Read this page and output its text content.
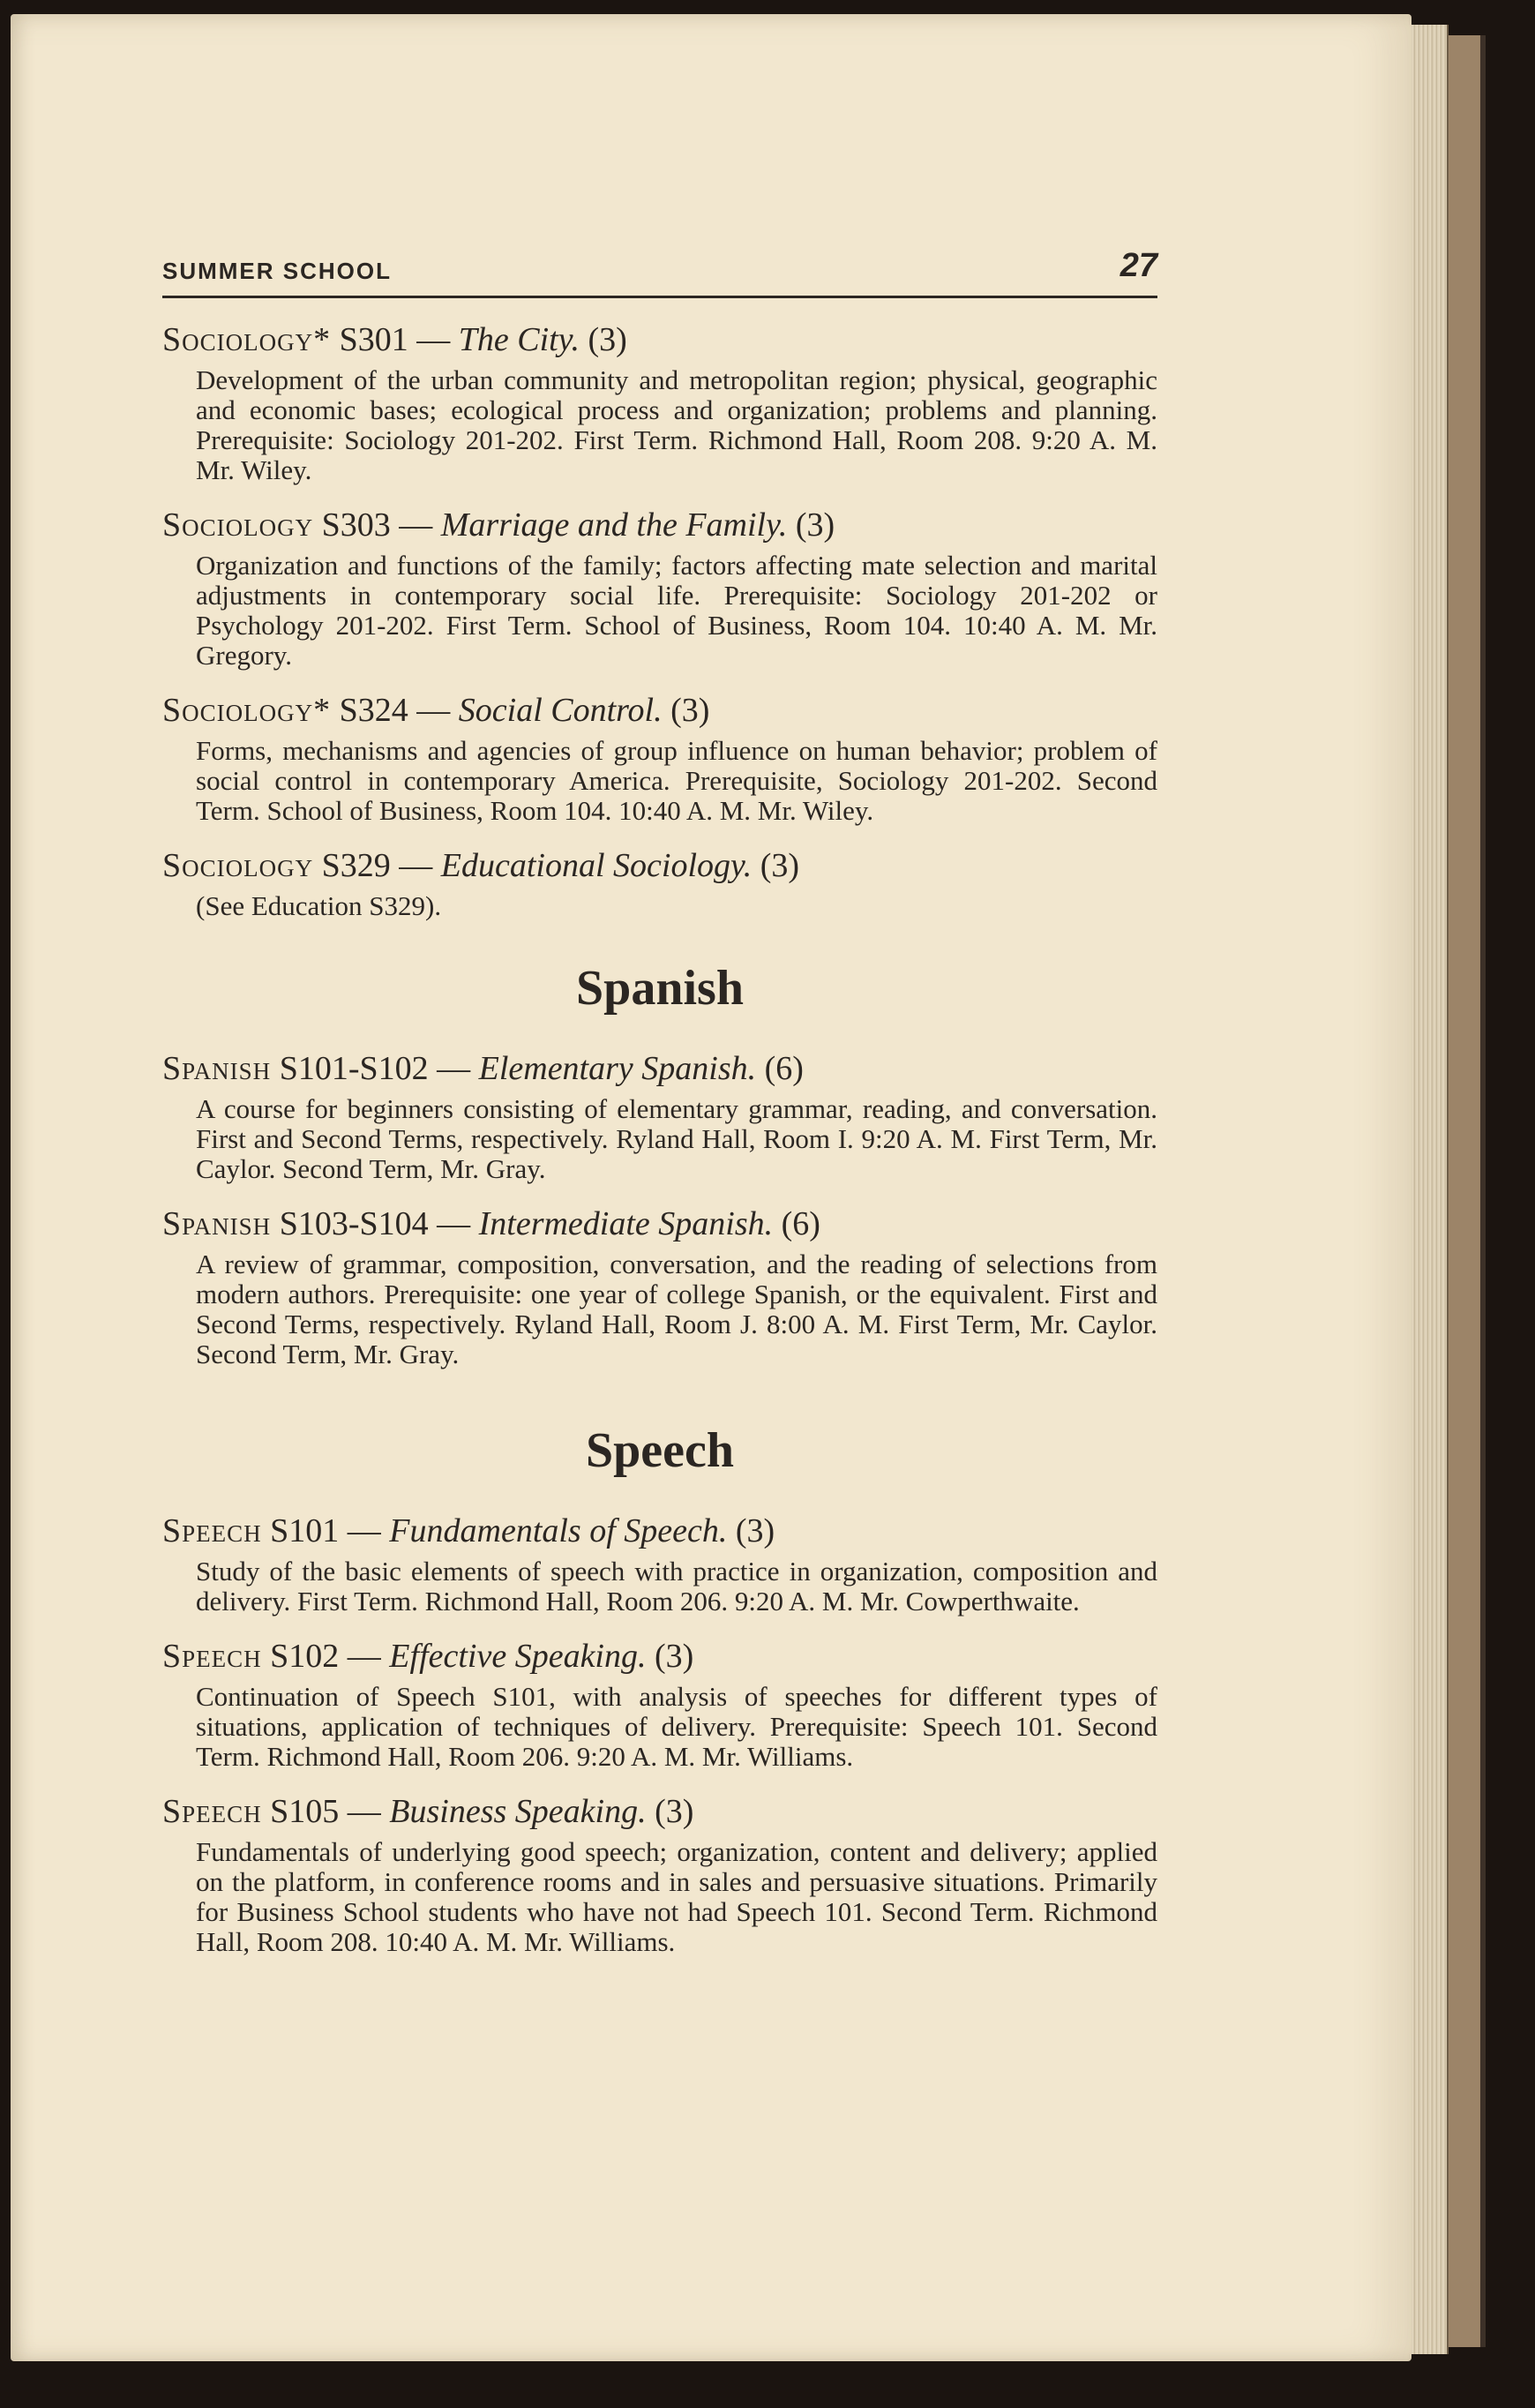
SUMMER SCHOOL	27
Sociology* S301 — The City. (3)
Development of the urban community and metropolitan region; physical, geographic and economic bases; ecological process and organization; problems and planning. Prerequisite: Sociology 201-202. First Term. Richmond Hall, Room 208. 9:20 A. M. Mr. Wiley.
Sociology S303 — Marriage and the Family. (3)
Organization and functions of the family; factors affecting mate selection and marital adjustments in contemporary social life. Prerequisite: Sociology 201-202 or Psychology 201-202. First Term. School of Business, Room 104. 10:40 A. M. Mr. Gregory.
Sociology* S324 — Social Control. (3)
Forms, mechanisms and agencies of group influence on human behavior; problem of social control in contemporary America. Prerequisite, Sociology 201-202. Second Term. School of Business, Room 104. 10:40 A. M. Mr. Wiley.
Sociology S329 — Educational Sociology. (3)
(See Education S329).
Spanish
Spanish S101-S102 — Elementary Spanish. (6)
A course for beginners consisting of elementary grammar, reading, and conversation. First and Second Terms, respectively. Ryland Hall, Room I. 9:20 A. M. First Term, Mr. Caylor. Second Term, Mr. Gray.
Spanish S103-S104 — Intermediate Spanish. (6)
A review of grammar, composition, conversation, and the reading of selections from modern authors. Prerequisite: one year of college Spanish, or the equivalent. First and Second Terms, respectively. Ryland Hall, Room J. 8:00 A. M. First Term, Mr. Caylor. Second Term, Mr. Gray.
Speech
Speech S101 — Fundamentals of Speech. (3)
Study of the basic elements of speech with practice in organization, composition and delivery. First Term. Richmond Hall, Room 206. 9:20 A. M. Mr. Cowperthwaite.
Speech S102 — Effective Speaking. (3)
Continuation of Speech S101, with analysis of speeches for different types of situations, application of techniques of delivery. Prerequisite: Speech 101. Second Term. Richmond Hall, Room 206. 9:20 A. M. Mr. Williams.
Speech S105 — Business Speaking. (3)
Fundamentals of underlying good speech; organization, content and delivery; applied on the platform, in conference rooms and in sales and persuasive situations. Primarily for Business School students who have not had Speech 101. Second Term. Richmond Hall, Room 208. 10:40 A. M. Mr. Williams.
